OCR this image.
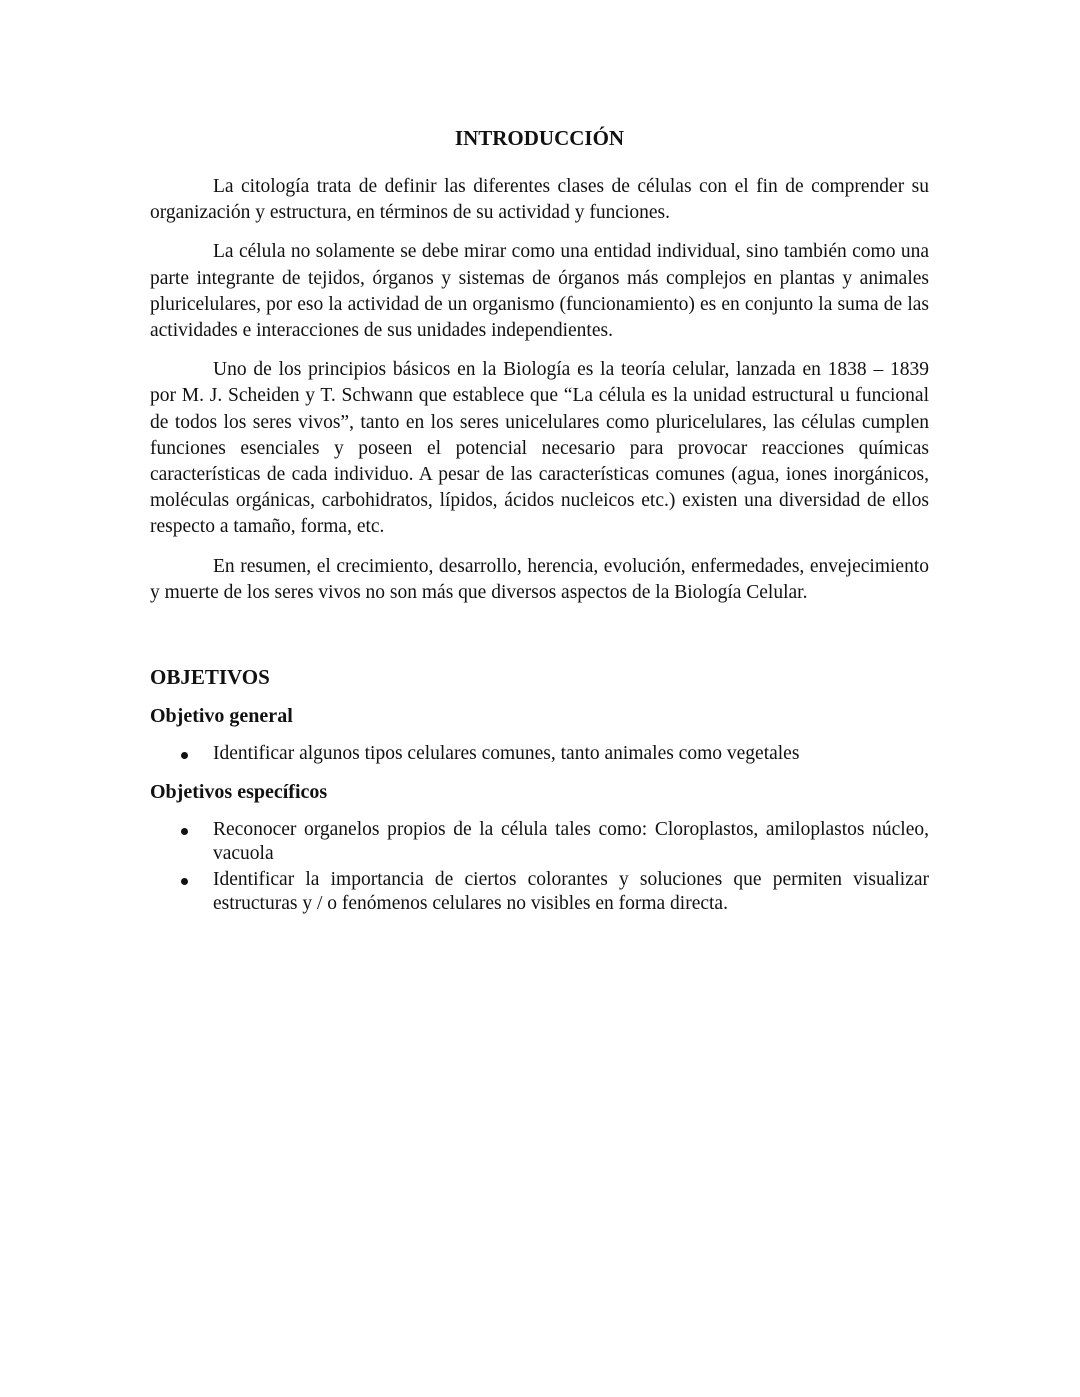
INTRODUCCIÓN

La citología trata de definir las diferentes clases de células con el fin de comprender su organización y estructura, en términos de su actividad y funciones.

La célula no solamente se debe mirar como una entidad individual, sino también como una parte integrante de tejidos, órganos y sistemas de órganos más complejos en plantas y animales pluricelulares, por eso la actividad de un organismo (funcionamiento) es en conjunto la suma de las actividades e interacciones de sus unidades independientes.

Uno de los principios básicos en la Biología es la teoría celular, lanzada en 1838 – 1839 por M. J. Scheiden y T. Schwann que establece que “La célula es la unidad estructural u funcional de todos los seres vivos”, tanto en los seres unicelulares como pluricelulares, las células cumplen funciones esenciales y poseen el potencial necesario para provocar reacciones químicas características de cada individuo. A pesar de las características comunes (agua, iones inorgánicos, moléculas orgánicas, carbohidratos, lípidos, ácidos nucleicos etc.) existen una diversidad de ellos respecto a tamaño, forma, etc.

En resumen, el crecimiento, desarrollo, herencia, evolución, enfermedades, envejecimiento y muerte de los seres vivos no son más que diversos aspectos de la Biología Celular.

OBJETIVOS
Objetivo general
Identificar algunos tipos celulares comunes, tanto animales como vegetales
Objetivos específicos
Reconocer organelos propios de la célula tales como: Cloroplastos, amiloplastos núcleo, vacuola
Identificar la importancia de ciertos colorantes y soluciones que permiten visualizar estructuras y / o fenómenos celulares no visibles en forma directa.
